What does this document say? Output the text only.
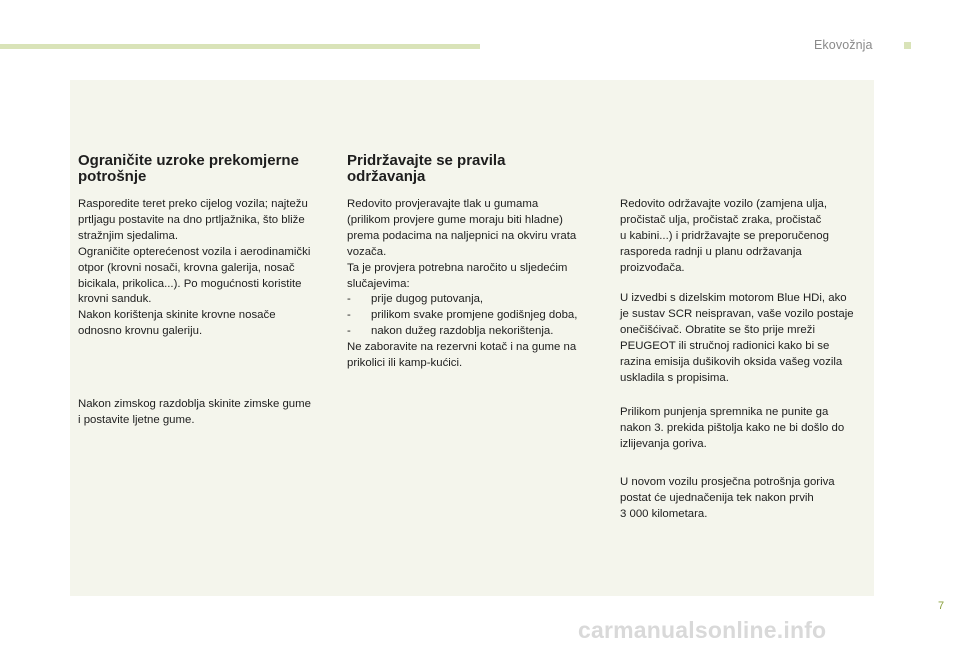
Ekovožnja
Ograničite uzroke prekomjerne
potrošnje

Rasporedite teret preko cijelog vozila; najtežu
prtljagu postavite na dno prtljažnika, što bliže
stražnjim sjedalima.
Ograničite opterećenost vozila i aerodinamički
otpor (krovni nosači, krovna galerija, nosač
bicikala, prikolica...). Po mogućnosti koristite
krovni sanduk.
Nakon korištenja skinite krovne nosače
odnosno krovnu galeriju.

Nakon zimskog razdoblja skinite zimske gume
i postavite ljetne gume.

Pridržavajte se pravila
održavanja

Redovito provjeravajte tlak u gumama
(prilikom provjere gume moraju biti hladne)
prema podacima na naljepnici na okviru vrata
vozača.
Ta je provjera potrebna naročito u sljedećim
slučajevima:

- prije dugog putovanja,
- prilikom svake promjene godišnjeg doba,
- nakon dužeg razdoblja nekorištenja.

Ne zaboravite na rezervni kotač i na gume na
prikolici ili kamp-kućici.

Redovito održavajte vozilo (zamjena ulja,
pročistač ulja, pročistač zraka, pročistač
u kabini...) i pridržavajte se preporučenog
rasporeda radnji u planu održavanja
proizvođača.

U izvedbi s dizelskim motorom Blue HDi, ako
je sustav SCR neispravan, vaše vozilo postaje
onečišćivač. Obratite se što prije mreži
PEUGEOT ili stručnoj radionici kako bi se
razina emisija dušikovih oksida vašeg vozila
uskladila s propisima.

Prilikom punjenja spremnika ne punite ga
nakon 3. prekida pištolja kako ne bi došlo do
izlijevanja goriva.

U novom vozilu prosječna potrošnja goriva
postat će ujednačenija tek nakon prvih
3 000 kilometara.

7
carmanualsonline.info
